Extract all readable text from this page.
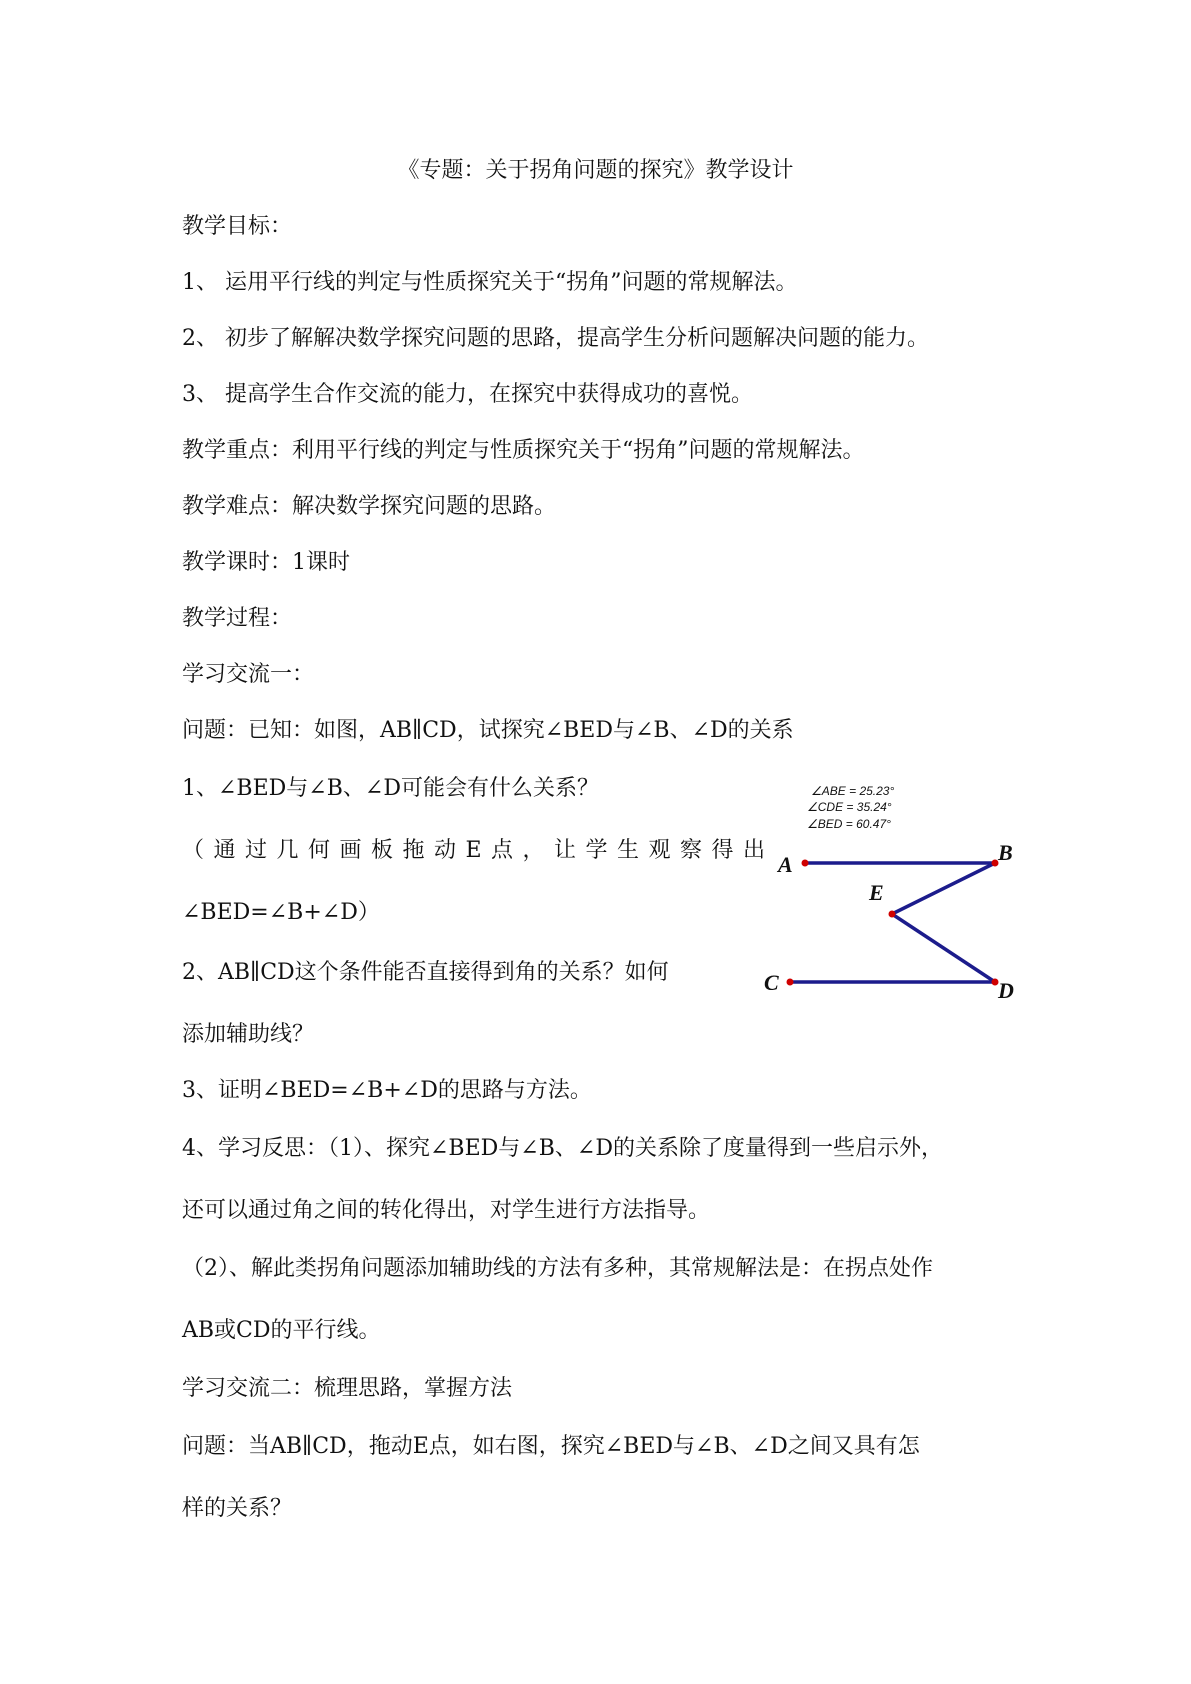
《专题：关于拐角问题的探究》教学设计
教学目标：
1、 运用平行线的判定与性质探究关于“拐角”问题的常规解法。
2、 初步了解解决数学探究问题的思路，提高学生分析问题解决问题的能力。
3、 提高学生合作交流的能力，在探究中获得成功的喜悦。
教学重点：利用平行线的判定与性质探究关于“拐角”问题的常规解法。
教学难点：解决数学探究问题的思路。
教学课时：1课时
教学过程：
学习交流一：
问题：已知：如图，AB∥CD，试探究∠BED与∠B、∠D的关系
1、∠BED与∠B、∠D可能会有什么关系？
（通过几何画板拖动E点，让学生观察得出
∠BED=∠B+∠D）
2、AB∥CD这个条件能否直接得到角的关系？如何
添加辅助线？
3、证明∠BED=∠B+∠D的思路与方法。
4、学习反思：（1）、探究∠BED与∠B、∠D的关系除了度量得到一些启示外，
还可以通过角之间的转化得出，对学生进行方法指导。
（2）、解此类拐角问题添加辅助线的方法有多种，其常规解法是：在拐点处作
AB或CD的平行线。
学习交流二：梳理思路，掌握方法
问题：当AB∥CD，拖动E点，如右图，探究∠BED与∠B、∠D之间又具有怎
样的关系？
∠ABE = 25.23°
∠CDE = 35.24°
∠BED = 60.47°
A	B
E
C	D
